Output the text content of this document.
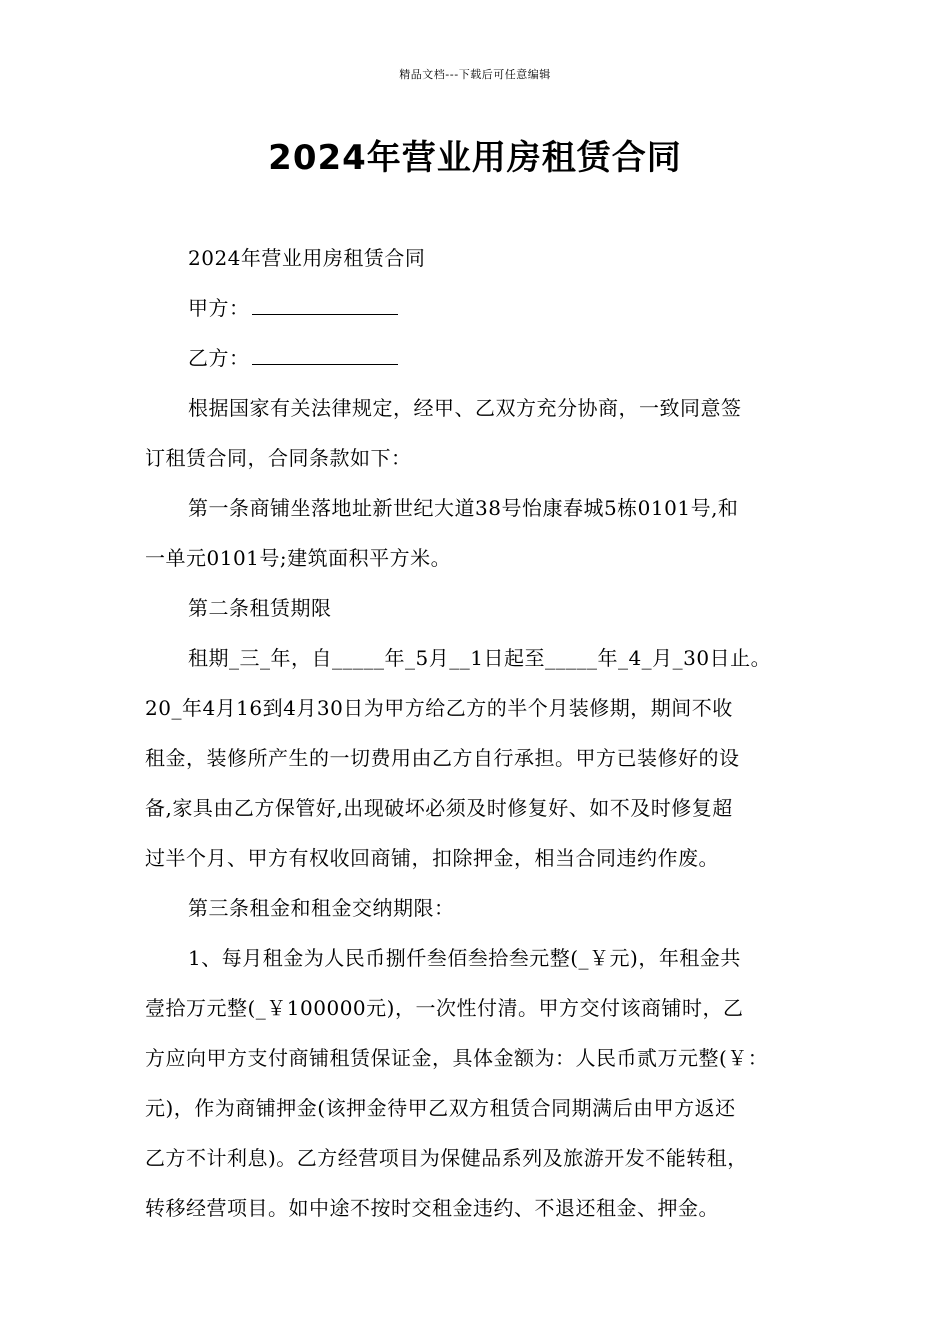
精品文档---下载后可任意编辑
2024年营业用房租赁合同

2024年营业用房租赁合同

甲方：

乙方：

根据国家有关法律规定，经甲、乙双方充分协商，一致同意签
订租赁合同，合同条款如下：

第一条商铺坐落地址新世纪大道38号怡康春城5栋0101号,和
一单元0101号;建筑面积平方米。

第二条租赁期限

租期_三_年，自_____年_5月__1日起至_____年_4_月_30日止。
20_年4月16到4月30日为甲方给乙方的半个月装修期，期间不收
租金，装修所产生的一切费用由乙方自行承担。甲方已装修好的设
备,家具由乙方保管好,出现破坏必须及时修复好、如不及时修复超
过半个月、甲方有权收回商铺，扣除押金，相当合同违约作废。

第三条租金和租金交纳期限：

1、每月租金为人民币捌仟叁佰叁拾叁元整(_￥元)，年租金共
壹拾万元整(_￥100000元)，一次性付清。甲方交付该商铺时，乙
方应向甲方支付商铺租赁保证金，具体金额为：人民币贰万元整(￥：
元)，作为商铺押金(该押金待甲乙双方租赁合同期满后由甲方返还
乙方不计利息)。乙方经营项目为保健品系列及旅游开发不能转租，
转移经营项目。如中途不按时交租金违约、不退还租金、押金。
